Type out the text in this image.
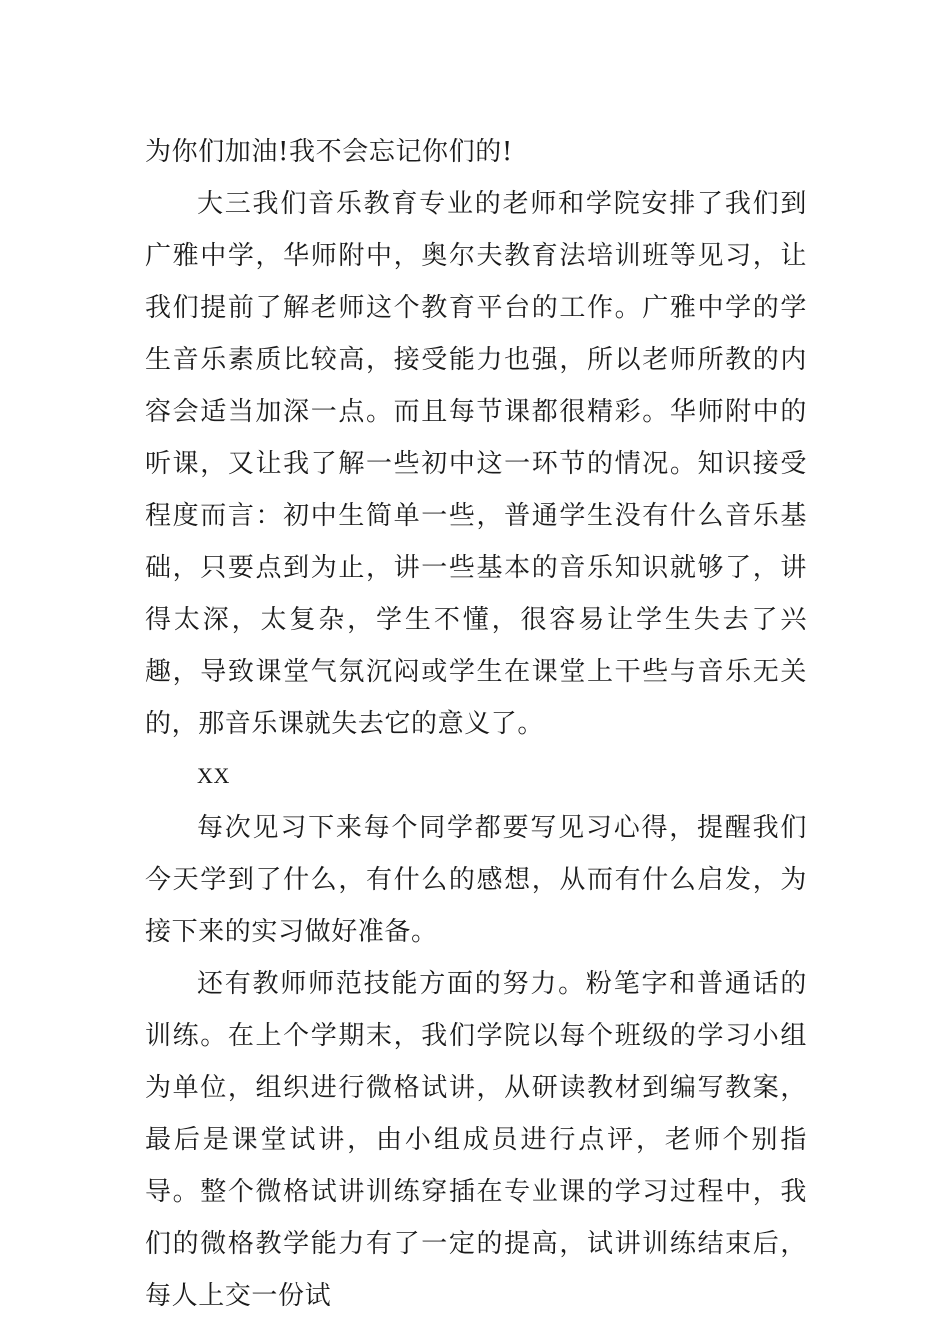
为你们加油!我不会忘记你们的!

大三我们音乐教育专业的老师和学院安排了我们到广雅中学，华师附中，奥尔夫教育法培训班等见习，让我们提前了解老师这个教育平台的工作。广雅中学的学生音乐素质比较高，接受能力也强，所以老师所教的内容会适当加深一点。而且每节课都很精彩。华师附中的听课，又让我了解一些初中这一环节的情况。知识接受程度而言：初中生简单一些，普通学生没有什么音乐基础，只要点到为止，讲一些基本的音乐知识就够了，讲得太深，太复杂，学生不懂，很容易让学生失去了兴趣，导致课堂气氛沉闷或学生在课堂上干些与音乐无关的，那音乐课就失去它的意义了。

XX

每次见习下来每个同学都要写见习心得，提醒我们今天学到了什么，有什么的感想，从而有什么启发，为接下来的实习做好准备。

还有教师师范技能方面的努力。粉笔字和普通话的训练。在上个学期末，我们学院以每个班级的学习小组为单位，组织进行微格试讲，从研读教材到编写教案，最后是课堂试讲，由小组成员进行点评，老师个别指导。整个微格试讲训练穿插在专业课的学习过程中，我们的微格教学能力有了一定的提高，试讲训练结束后，每人上交一份试
